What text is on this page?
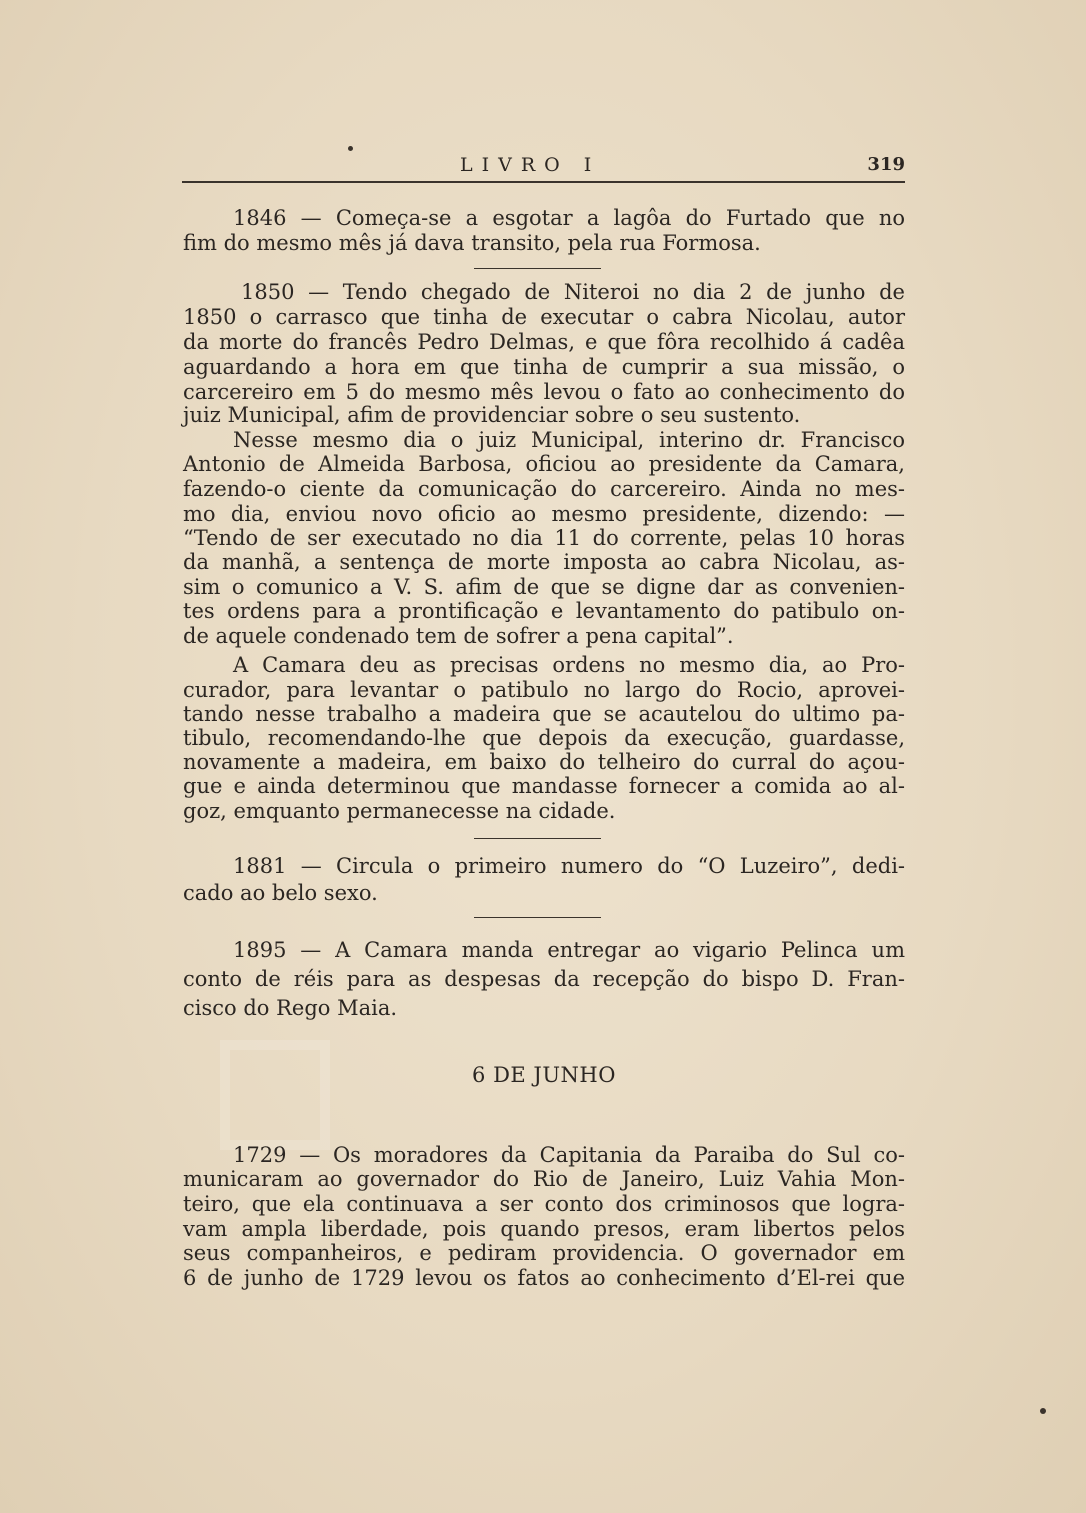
LIVRO I	319
1846 — Começa-se a esgotar a lagôa do Furtado que no
fim do mesmo mês já dava transito, pela rua Formosa.
1850 — Tendo chegado de Niteroi no dia 2 de junho de
1850 o carrasco que tinha de executar o cabra Nicolau, autor
da morte do francês Pedro Delmas, e que fôra recolhido á cadêa
aguardando a hora em que tinha de cumprir a sua missão, o
carcereiro em 5 do mesmo mês levou o fato ao conhecimento do
juiz Municipal, afim de providenciar sobre o seu sustento.
Nesse mesmo dia o juiz Municipal, interino dr. Francisco
Antonio de Almeida Barbosa, oficiou ao presidente da Camara,
fazendo-o ciente da comunicação do carcereiro. Ainda no mes-
mo dia, enviou novo oficio ao mesmo presidente, dizendo: —
“Tendo de ser executado no dia 11 do corrente, pelas 10 horas
da manhã, a sentença de morte imposta ao cabra Nicolau, as-
sim o comunico a V. S. afim de que se digne dar as convenien-
tes ordens para a prontificação e levantamento do patibulo on-
de aquele condenado tem de sofrer a pena capital”.
A Camara deu as precisas ordens no mesmo dia, ao Pro-
curador, para levantar o patibulo no largo do Rocio, aprovei-
tando nesse trabalho a madeira que se acautelou do ultimo pa-
tibulo, recomendando-lhe que depois da execução, guardasse,
novamente a madeira, em baixo do telheiro do curral do açou-
gue e ainda determinou que mandasse fornecer a comida ao al-
goz, emquanto permanecesse na cidade.
1881 — Circula o primeiro numero do “O Luzeiro”, dedi-
cado ao belo sexo.
1895 — A Camara manda entregar ao vigario Pelinca um
conto de réis para as despesas da recepção do bispo D. Fran-
cisco do Rego Maia.
6 DE JUNHO
1729 — Os moradores da Capitania da Paraiba do Sul co-
municaram ao governador do Rio de Janeiro, Luiz Vahia Mon-
teiro, que ela continuava a ser conto dos criminosos que logra-
vam ampla liberdade, pois quando presos, eram libertos pelos
seus companheiros, e pediram providencia. O governador em
6 de junho de 1729 levou os fatos ao conhecimento d’El-rei que
